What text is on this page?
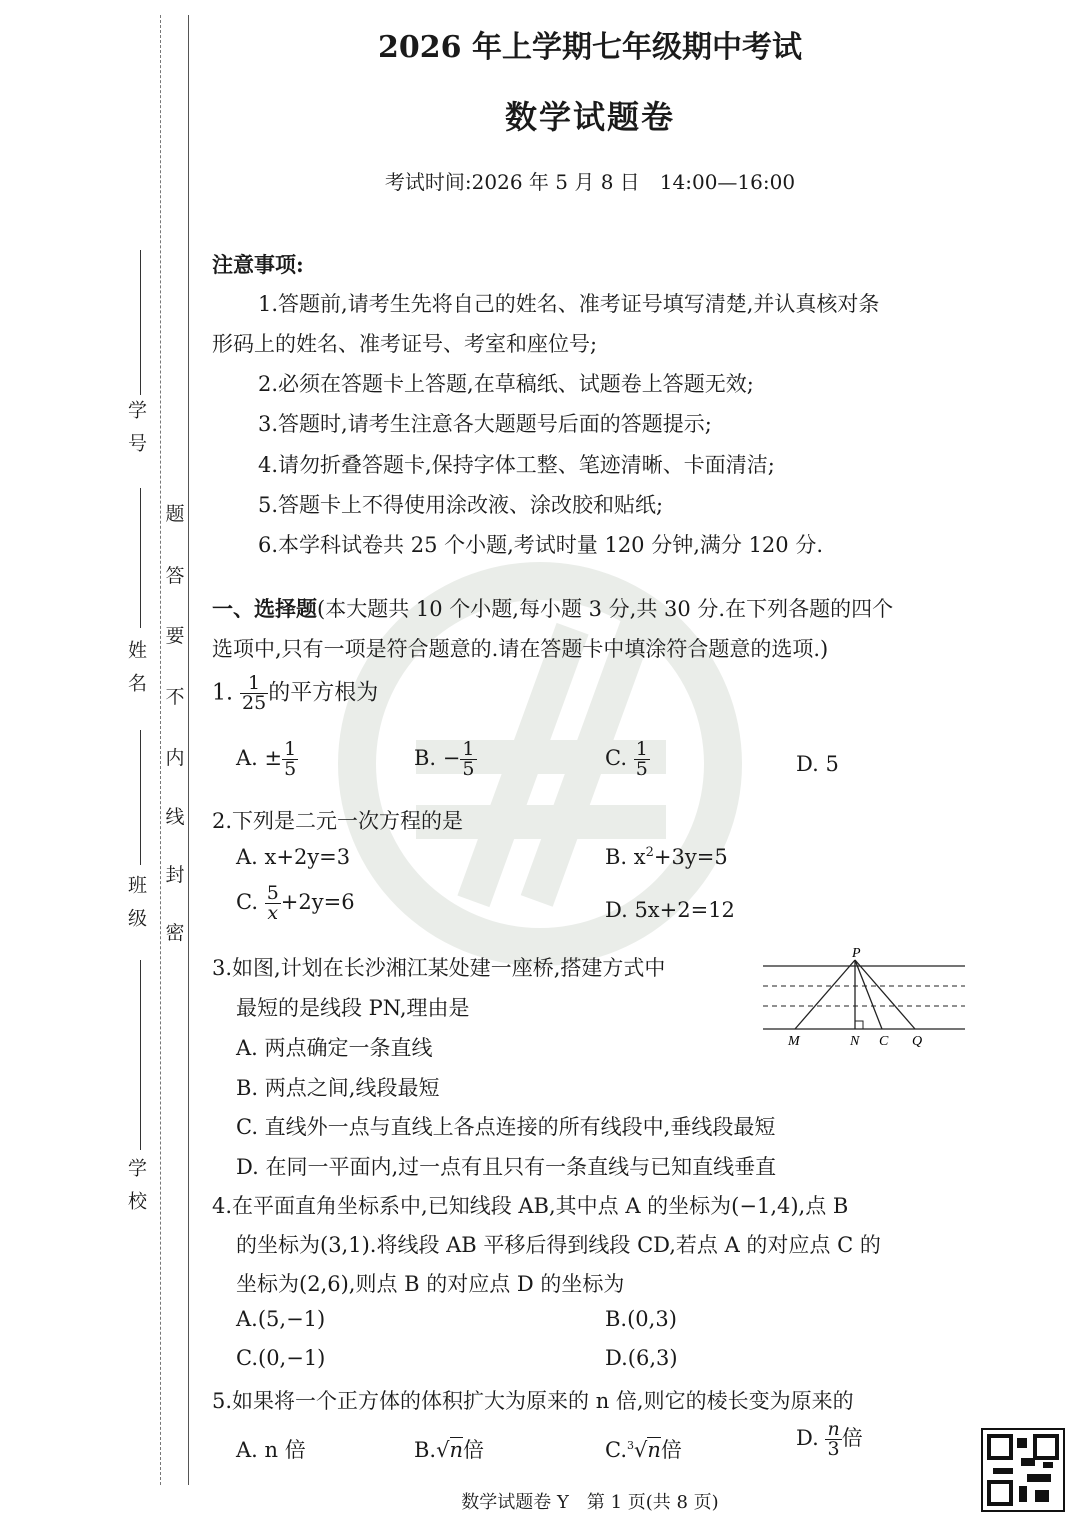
学号
姓名
班级
学校
题
答
要
不
内
线
封
密
2026 年上学期七年级期中考试
数学试题卷
考试时间:2026 年 5 月 8 日　14:00—16:00
注意事项:
1.答题前,请考生先将自己的姓名、准考证号填写清楚,并认真核对条
形码上的姓名、准考证号、考室和座位号;
2.必须在答题卡上答题,在草稿纸、试题卷上答题无效;
3.答题时,请考生注意各大题题号后面的答题提示;
4.请勿折叠答题卡,保持字体工整、笔迹清晰、卡面清洁;
5.答题卡上不得使用涂改液、涂改胶和贴纸;
6.本学科试卷共 25 个小题,考试时量 120 分钟,满分 120 分.
一、选择题(本大题共 10 个小题,每小题 3 分,共 30 分.在下列各题的四个
选项中,只有一项是符合题意的.请在答题卡中填涂符合题意的选项.)
1. $\frac{1}{25}$ 的平方根为
A. ± $\frac{1}{5}$	B. − $\frac{1}{5}$	C. $\frac{1}{5}$	D. 5
2.下列是二元一次方程的是
A. x+2y=3	B. $x^2+3y=5$
C. $\frac{5}{x} +2y=6$	D. 5x+2=12
3.如图,计划在长沙湘江某处建一座桥,搭建方式中
最短的是线段 PN,理由是
A. 两点确定一条直线
B. 两点之间,线段最短
C. 直线外一点与直线上各点连接的所有线段中,垂线段最短
D. 在同一平面内,过一点有且只有一条直线与已知直线垂直
P
M	N C Q
4.在平面直角坐标系中,已知线段 AB,其中点 A 的坐标为(−1,4),点 B
的坐标为(3,1).将线段 AB 平移后得到线段 CD,若点 A 的对应点 C 的
坐标为(2,6),则点 B 的对应点 D 的坐标为
A.(5,−1)	B.(0,3)
C.(0,−1)	D.(6,3)
5.如果将一个正方体的体积扩大为原来的 n 倍,则它的棱长变为原来的
A. n 倍	B.√n倍	C.$^3$√n倍	D. $\frac{n}{3}$ 倍
数学试题卷 Y　第 1 页(共 8 页)
